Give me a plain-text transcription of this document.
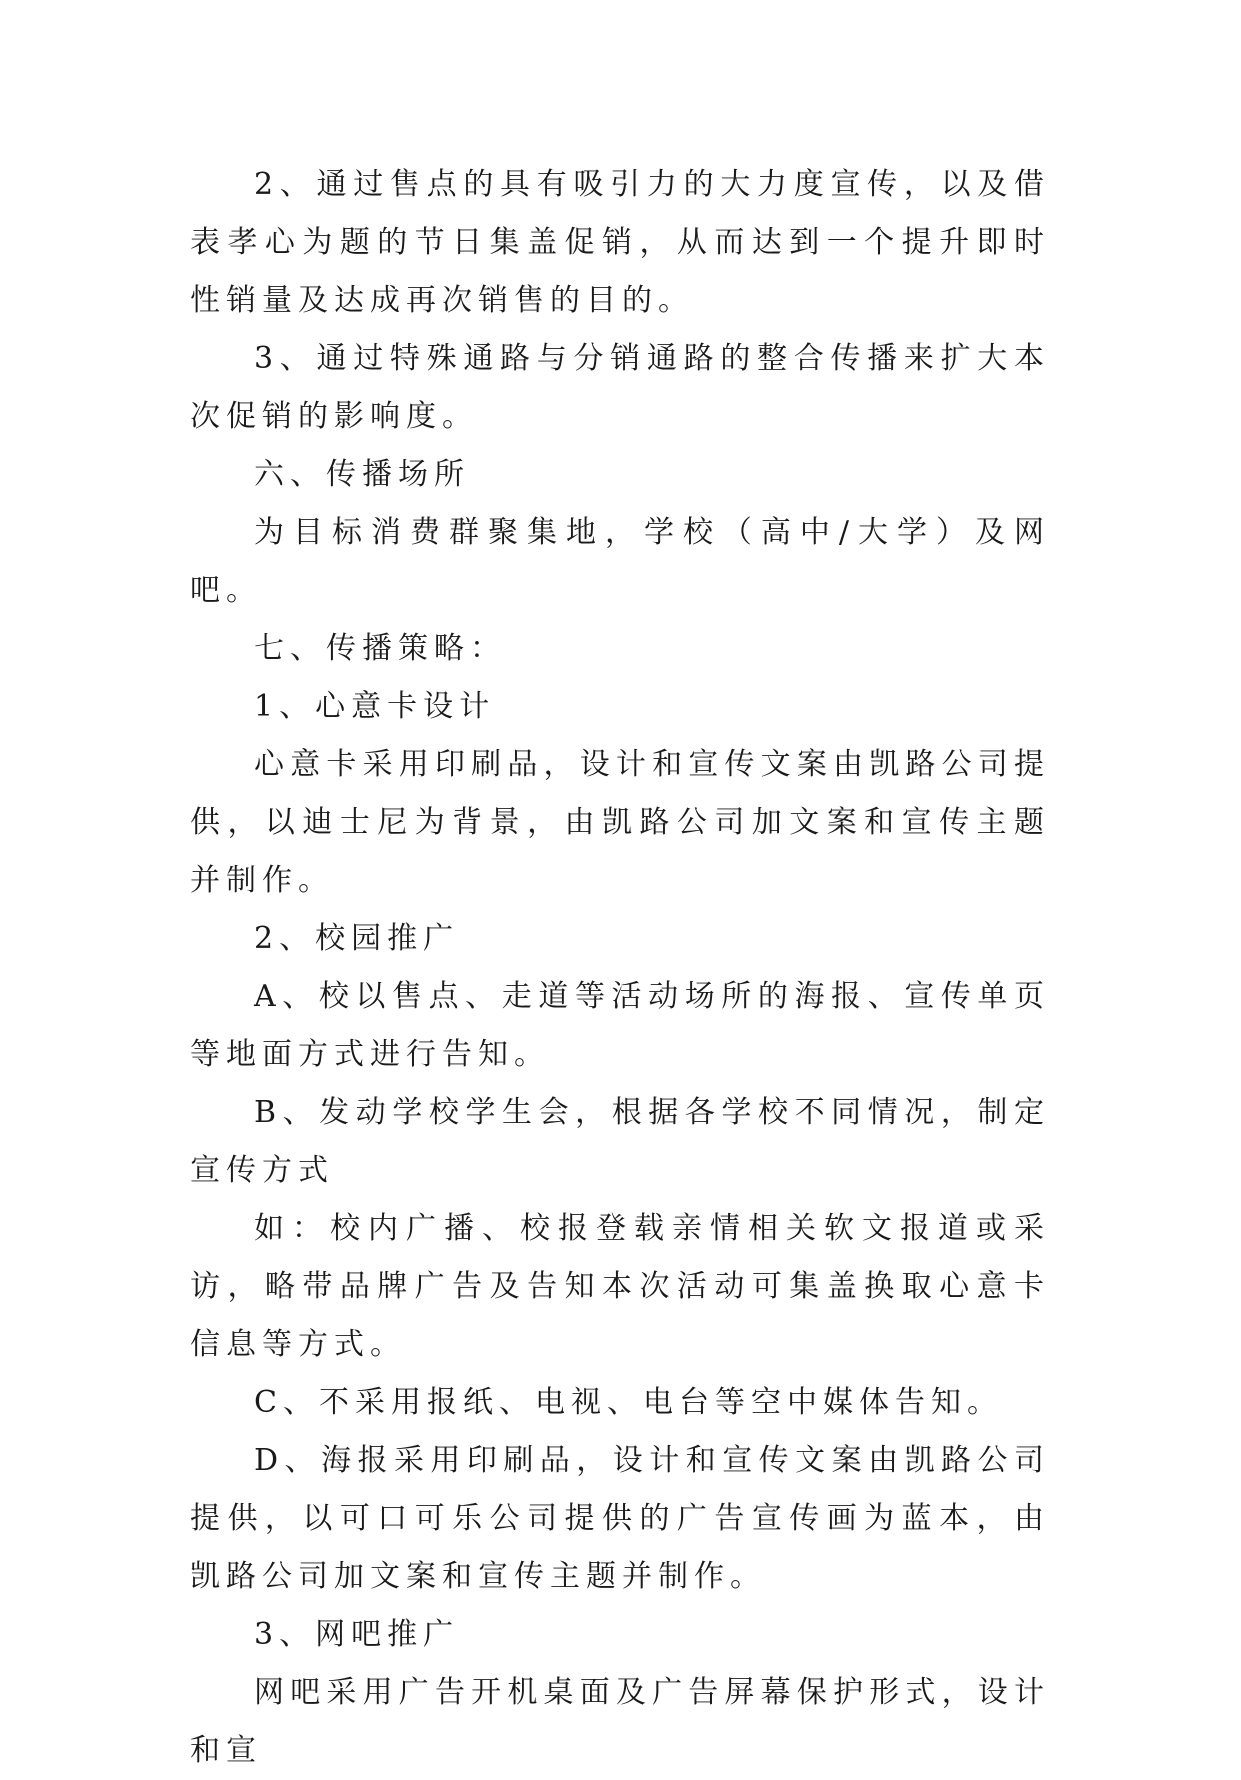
2、通过售点的具有吸引力的大力度宣传，以及借表孝心为题的节日集盖促销，从而达到一个提升即时性销量及达成再次销售的目的。

3、通过特殊通路与分销通路的整合传播来扩大本次促销的影响度。

六、传播场所

为目标消费群聚集地，学校（高中/大学）及网吧。

七、传播策略：

1、心意卡设计

心意卡采用印刷品，设计和宣传文案由凯路公司提供，以迪士尼为背景，由凯路公司加文案和宣传主题并制作。

2、校园推广

A、校以售点、走道等活动场所的海报、宣传单页等地面方式进行告知。

B、发动学校学生会，根据各学校不同情况，制定宣传方式

如：校内广播、校报登载亲情相关软文报道或采访，略带品牌广告及告知本次活动可集盖换取心意卡信息等方式。

C、不采用报纸、电视、电台等空中媒体告知。

D、海报采用印刷品，设计和宣传文案由凯路公司提供，以可口可乐公司提供的广告宣传画为蓝本，由凯路公司加文案和宣传主题并制作。

3、网吧推广

网吧采用广告开机桌面及广告屏幕保护形式，设计和宣
